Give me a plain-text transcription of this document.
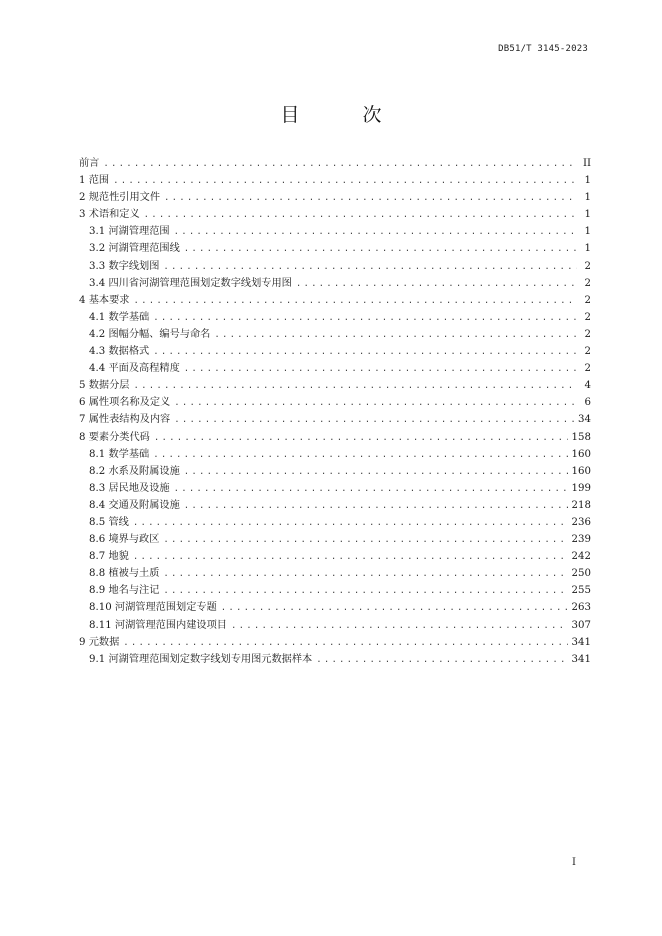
DB51/T 3145-2023
目　次
前言 .....	II
1 范围 .....	1
2 规范性引用文件 .....	1
3 术语和定义 .....	1
3.1 河湖管理范围 .....	1
3.2 河湖管理范围线 .....	1
3.3 数字线划图 .....	2
3.4 四川省河湖管理范围划定数字线划专用图 .....	2
4 基本要求 .....	2
4.1 数学基础 .....	2
4.2 图幅分幅、编号与命名 .....	2
4.3 数据格式 .....	2
4.4 平面及高程精度 .....	2
5 数据分层 .....	4
6 属性项名称及定义 .....	6
7 属性表结构及内容 .....	34
8 要素分类代码 .....	158
8.1 数学基础 .....	160
8.2 水系及附属设施 .....	160
8.3 居民地及设施 .....	199
8.4 交通及附属设施 .....	218
8.5 管线 .....	236
8.6 境界与政区 .....	239
8.7 地貌 .....	242
8.8 植被与土质 .....	250
8.9 地名与注记 .....	255
8.10 河湖管理范围划定专题 .....	263
8.11 河湖管理范围内建设项目 .....	307
9 元数据 .....	341
9.1 河湖管理范围划定数字线划专用图元数据样本 .....	341
I
